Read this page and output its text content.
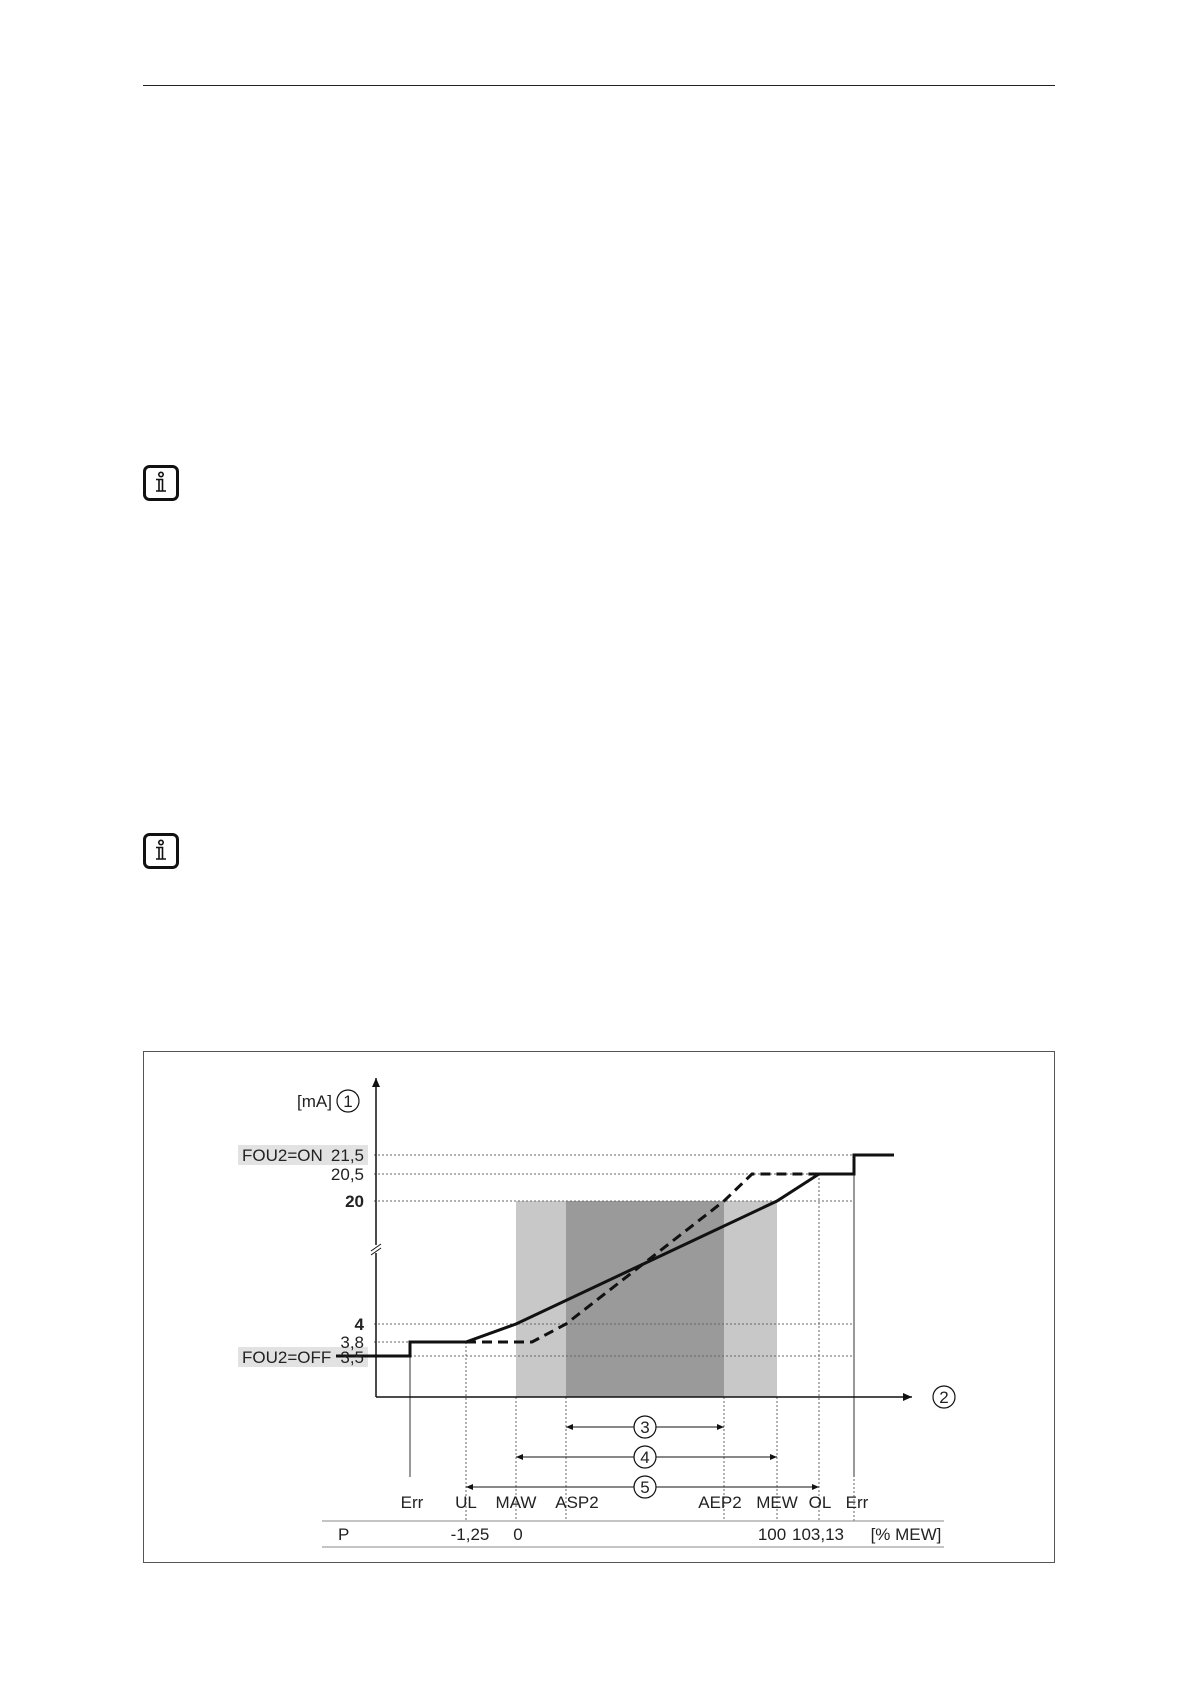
1
2
3
4
5
[mA]
FOU2=ON 21,5
20,5
20
4
3,8
FOU2=OFF 3,5
Err UL MAW ASP2	AEP2 MEW OL Err
P	-1,25 0	100 103,13 [% MEW]
